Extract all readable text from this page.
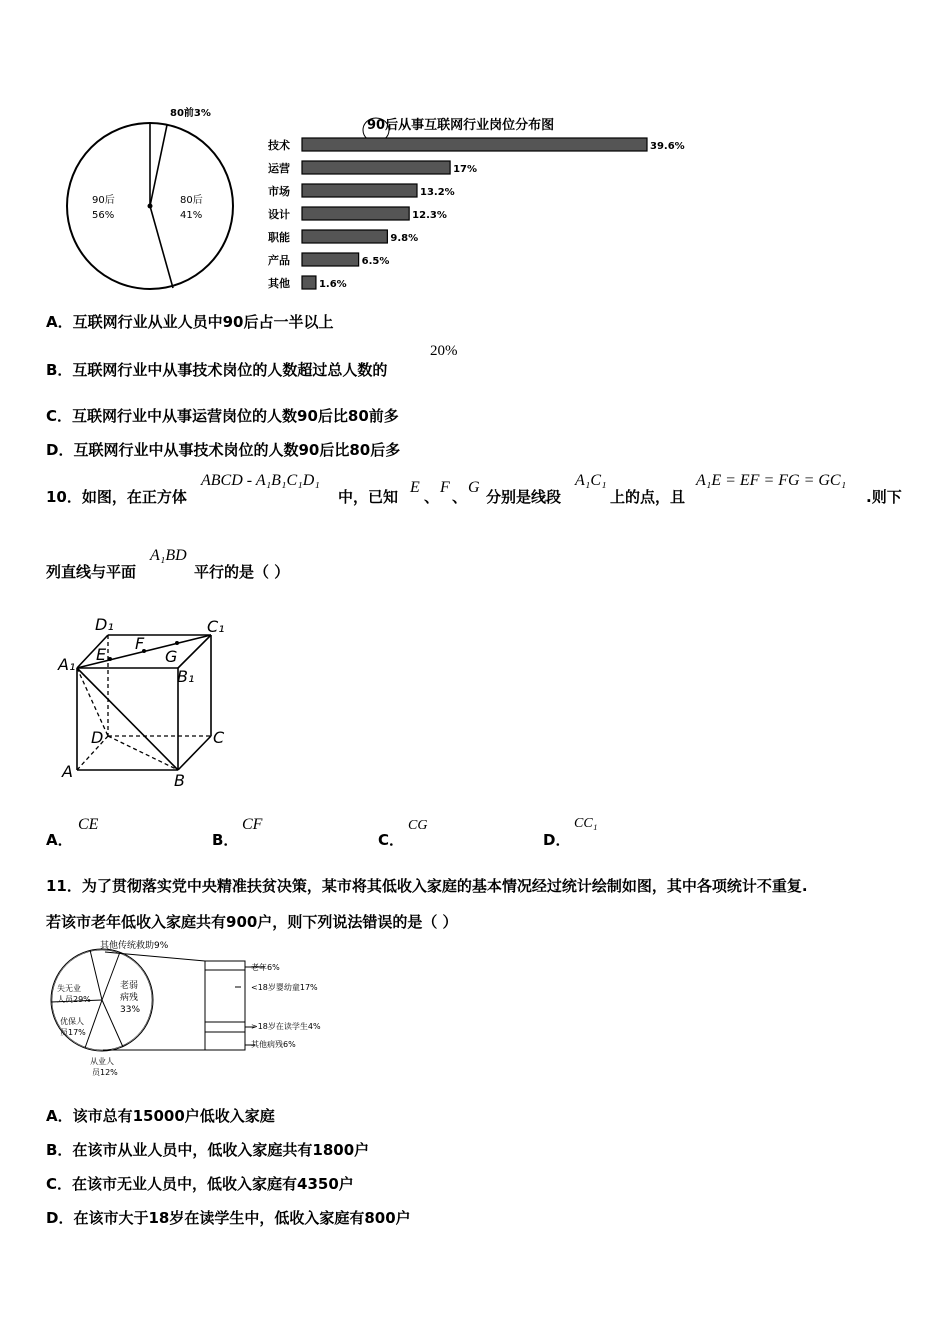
80前3%
90后
56%
80后
41%
90后从事互联网行业岗位分布图
技术	39.6%
运营	17%
市场	13.2%
设计	12.3%
职能	9.8%
产品	6.5%
其他	1.6%
A．互联网行业从业人员中90后占一半以上
B．互联网行业中从事技术岗位的人数超过总人数的
20%
C．互联网行业中从事运营岗位的人数90后比80前多
D．互联网行业中从事技术岗位的人数90后比80后多
10．如图，在正方体
ABCD - A₁B₁C₁D₁
中，已知
E
、
F
、
G
分别是线段
A₁C₁
上的点，且
A₁E = EF = FG = GC₁
.则下
列直线与平面
A₁BD
平行的是（ ）
D₁	C₁
A₁
E
F
G
B₁
D	C
A	B
A．
CE
B．
CF
C．
CG
D．
CC₁
11．为了贯彻落实党中央精准扶贫决策，某市将其低收入家庭的基本情况经过统计绘制如图，其中各项统计不重复.
若该市老年低收入家庭共有900户，则下列说法错误的是（ ）
其他传统救助9%
失无业
人员29%
优保人
员17%
从业人
员12%
老弱
病残
33%
老年6%
<18岁婴幼童17%
>18岁在读学生4%
其他病残6%
A．该市总有15000户低收入家庭
B．在该市从业人员中，低收入家庭共有1800户
C．在该市无业人员中，低收入家庭有4350户
D．在该市大于18岁在读学生中，低收入家庭有800户
